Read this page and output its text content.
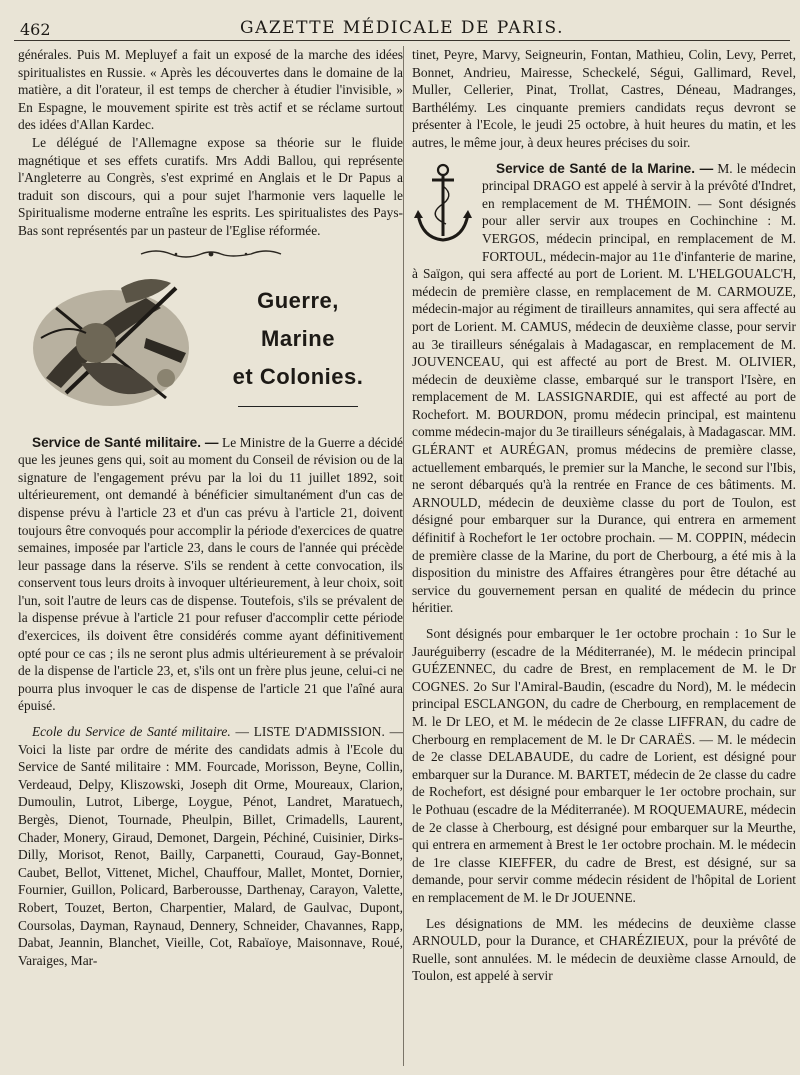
462	GAZETTE MÉDICALE DE PARIS.

générales. Puis M. Mepluyef a fait un exposé de la marche des idées spiritualistes en Russie. « Après les découvertes dans le domaine de la matière, a dit l'orateur, il est temps de chercher à étudier l'invisible, » En Espagne, le mouvement spirite est très actif et se réclame surtout des idées d'Allan Kardec.

Le délégué de l'Allemagne expose sa théorie sur le fluide magnétique et ses effets curatifs. Mrs Addi Ballou, qui représente l'Angleterre au Congrès, s'est exprimé en Anglais et le Dr Papus a traduit son discours, qui a pour sujet l'harmonie vers laquelle le Spiritualisme moderne entraîne les esprits. Les spiritualistes des Pays-Bas sont représentés par un pasteur de l'Eglise réformée.

Guerre,
Marine
et Colonies.

Service de Santé militaire. — Le Ministre de la Guerre a décidé que les jeunes gens qui, soit au moment du Conseil de révision ou de la signature de l'engagement prévu par la loi du 11 juillet 1892, soit ultérieurement, ont demandé à bénéficier simultanément d'un cas de dispense prévu à l'article 23 et d'un cas prévu à l'article 21, doivent toujours être convoqués pour accomplir la période d'exercices de quatre semaines, imposée par l'article 23, dans le cours de l'année qui précède leur passage dans la réserve. S'ils se rendent à cette convocation, ils conservent tous leurs droits à invoquer ultérieurement, à leur choix, soit l'un, soit l'autre de leurs cas de dispense. Toutefois, s'ils se prévalent de la dispense prévue à l'article 21 pour refuser d'accomplir cette période d'exercices, ils doivent être considérés comme ayant définitivement opté pour ce cas ; ils ne seront plus admis ultérieurement à se prévaloir de la dispense de l'article 23, et, s'ils ont un frère plus jeune, celui-ci ne pourra plus invoquer le cas de dispense de l'article 21 que l'aîné aura épuisé.

Ecole du Service de Santé militaire. — LISTE D'ADMISSION. — Voici la liste par ordre de mérite des candidats admis à l'Ecole du Service de Santé militaire : MM. Fourcade, Morisson, Beyne, Collin, Verdeaud, Delpy, Kliszowski, Joseph dit Orme, Moureaux, Clarion, Dumoulin, Lutrot, Liberge, Loygue, Pénot, Landret, Maratuech, Bergès, Dienot, Tournade, Pheulpin, Billet, Crimadells, Laurent, Chader, Monery, Giraud, Demonet, Dargein, Péchiné, Cuisinier, Dirks-Dilly, Morisot, Renot, Bailly, Carpanetti, Couraud, Gay-Bonnet, Caubet, Bellot, Vittenet, Michel, Chauffour, Mallet, Montet, Dornier, Fournier, Guillon, Policard, Barberousse, Darthenay, Carayon, Valette, Robert, Touzet, Berton, Charpentier, Malard, de Gaulvac, Dupont, Coursolas, Dayman, Raynaud, Dennery, Schneider, Chavannes, Rapp, Dabat, Jeannin, Blanchet, Vieille, Cot, Rabaïoye, Maisonnave, Roué, Varaiges, Mar-

tinet, Peyre, Marvy, Seigneurin, Fontan, Mathieu, Colin, Levy, Perret, Bonnet, Andrieu, Mairesse, Scheckelé, Ségui, Gallimard, Revel, Muller, Cellerier, Pinat, Trollat, Castres, Déneau, Madranges, Barthélémy. Les cinquante premiers candidats reçus devront se présenter à l'Ecole, le jeudi 25 octobre, à huit heures du matin, et les autres, le même jour, à deux heures précises du soir.

Service de Santé de la Marine. — M. le médecin principal DRAGO est appelé à servir à la prévôté d'Indret, en remplacement de M. THÉMOIN. — Sont désignés pour aller servir aux troupes en Cochinchine : M. VERGOS, médecin principal, en remplacement de M. FORTOUL, médecin-major au 11e d'infanterie de marine, à Saïgon, qui sera affecté au port de Lorient. M. L'HELGOUALC'H, médecin de première classe, en remplacement de M. CARMOUZE, médecin-major au régiment de tirailleurs annamites, qui sera affecté au port de Lorient. M. CAMUS, médecin de deuxième classe, pour servir au 3e tirailleurs sénégalais à Madagascar, en remplacement de M. JOUVENCEAU, qui est affecté au port de Brest. M. OLIVIER, médecin de deuxième classe, embarqué sur le transport l'Isère, en remplacement de M. LASSIGNARDIE, qui est affecté au port de Rochefort. M. BOURDON, promu médecin principal, est maintenu comme médecin-major du 3e tirailleurs sénégalais, à Madagascar. MM. GLÉRANT et AURÉGAN, promus médecins de première classe, actuellement embarqués, le premier sur la Manche, le second sur l'Ibis, ne seront débarqués qu'à la rentrée en France de ces bâtiments. M. ARNOULD, médecin de deuxième classe du port de Toulon, est désigné pour embarquer sur la Durance, qui entrera en armement définitif à Rochefort le 1er octobre prochain. — M. COPPIN, médecin de première classe de la Marine, du port de Cherbourg, a été mis à la disposition du ministre des Affaires étrangères pour être détaché au service du gouvernement persan en qualité de médecin du prince héritier.

Sont désignés pour embarquer le 1er octobre prochain : 1o Sur le Jauréguiberry (escadre de la Méditerranée), M. le médecin principal GUÉZENNEC, du cadre de Brest, en remplacement de M. le Dr COGNES. 2o Sur l'Amiral-Baudin, (escadre du Nord), M. le médecin principal ESCLANGON, du cadre de Cherbourg, en remplacement de M. le Dr LEO, et M. le médecin de 2e classe LIFFRAN, du cadre de Cherbourg en remplacement de M. le Dr CARAËS. — M. le médecin de 2e classe DELABAUDE, du cadre de Lorient, est désigné pour embarquer sur la Durance. M. BARTET, médecin de 2e classe du cadre de Rochefort, est désigné pour embarquer le 1er octobre prochain, sur le Pothuau (escadre de la Méditerranée). M ROQUEMAURE, médecin de 2e classe à Cherbourg, est désigné pour embarquer sur la Meurthe, qui entrera en armement à Brest le 1er octobre prochain. M. le médecin de 1re classe KIEFFER, du cadre de Brest, est désigné, sur sa demande, pour servir comme médecin résident de l'hôpital de Lorient en remplacement de M. le Dr JOUENNE.

Les désignations de MM. les médecins de deuxième classe ARNOULD, pour la Durance, et CHARÉZIEUX, pour la prévôté de Ruelle, sont annulées. M. le médecin de deuxième classe Arnould, de Toulon, est appelé à servir
